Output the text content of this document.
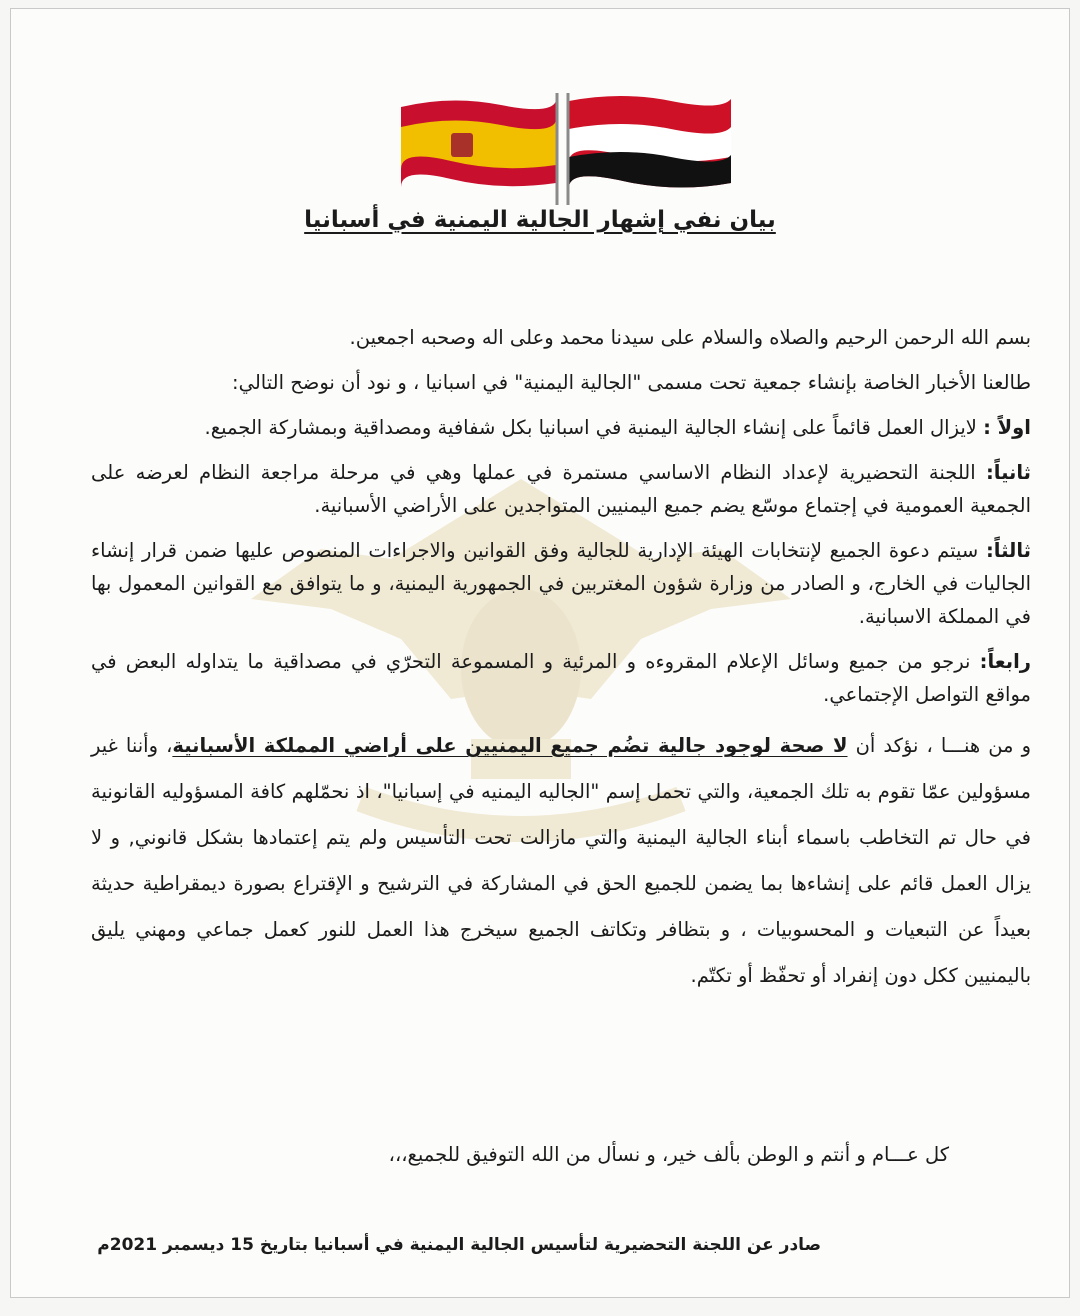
بيان نفي إشهار الجالية اليمنية في أسبانيا

بسم الله الرحمن الرحيم والصلاه والسلام على سيدنا محمد وعلى اله وصحبه اجمعين.

طالعنا الأخبار الخاصة بإنشاء جمعية تحت مسمى "الجالية اليمنية" في اسبانيا ، و نود أن نوضح التالي:

اولاً : لايزال العمل قائماً على إنشاء الجالية اليمنية في اسبانيا بكل شفافية ومصداقية وبمشاركة الجميع.

ثانياً: اللجنة التحضيرية لإعداد النظام الاساسي مستمرة في عملها وهي في مرحلة مراجعة النظام لعرضه على الجمعية العمومية في إجتماع موسّع يضم جميع اليمنيين المتواجدين على الأراضي الأسبانية.

ثالثاً: سيتم دعوة الجميع لإنتخابات الهيئة الإدارية للجالية وفق القوانين والاجراءات المنصوص عليها ضمن قرار إنشاء الجاليات في الخارج، و الصادر من وزارة شؤون المغتربين في الجمهورية اليمنية، و ما يتوافق مع القوانين المعمول بها في المملكة الاسبانية.

رابعاً: نرجو من جميع وسائل الإعلام المقروءه و المرئية و المسموعة التحرّي في مصداقية ما يتداوله البعض في مواقع التواصل الإجتماعي.

و من هنـــا ، نؤكد أن لا صحة لوجود جالية تضُم جميع اليمنيين على أراضي المملكة الأسبانية، وأننا غير مسؤولين عمّا تقوم به تلك الجمعية، والتي تحمل إسم "الجاليه اليمنيه في إسبانيا"، اذ نحمّلهم كافة المسؤوليه القانونية في حال تم التخاطب باسماء أبناء الجالية اليمنية والتي مازالت تحت التأسيس ولم يتم إعتمادها بشكل قانوني, و لا يزال العمل قائم على إنشاءها بما يضمن للجميع الحق في المشاركة في الترشيح و الإقتراع بصورة ديمقراطية حديثة بعيداً عن التبعيات و المحسوبيات ، و بتظافر وتكاتف الجميع سيخرج هذا العمل للنور كعمل جماعي ومهني يليق باليمنيين ككل دون إنفراد أو تحفّظ أو تكتّم.

كل عـــام و أنتم و الوطن بألف خير، و نسأل من الله التوفيق للجميع،،،
صادر عن اللجنة التحضيرية لتأسيس الجالية اليمنية في أسبانيا بتاريخ 15 ديسمبر 2021م
